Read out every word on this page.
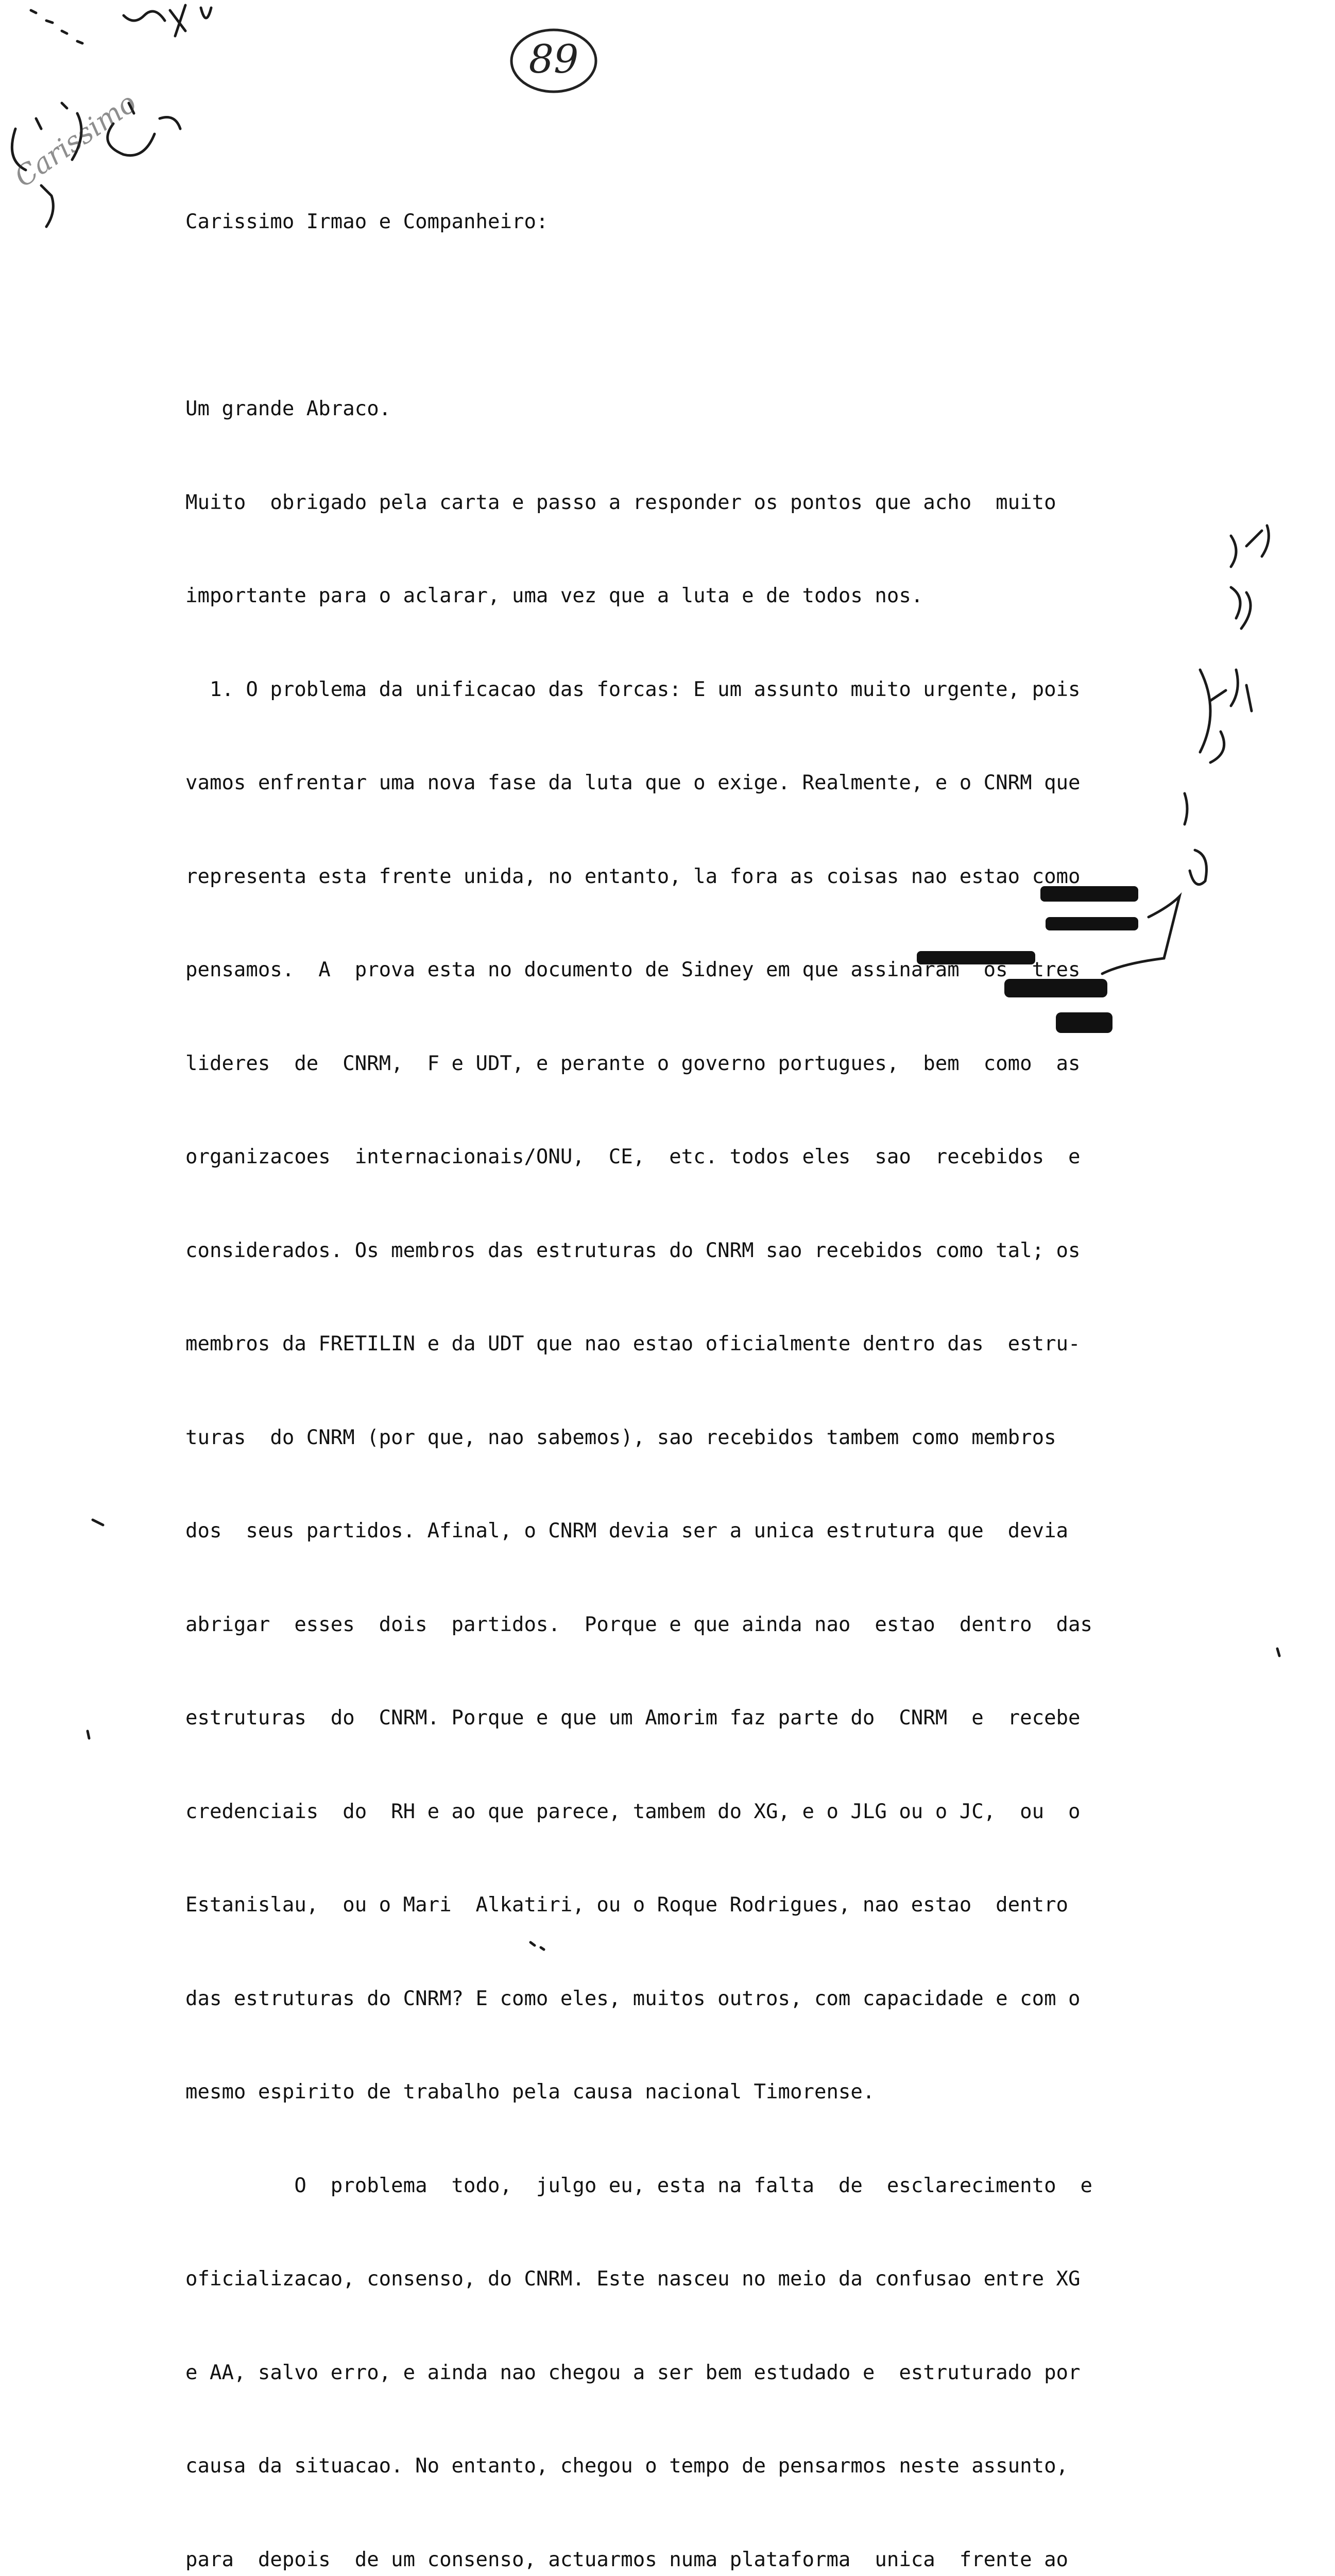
89

Carissimo Irmao e Companheiro:

Um grande Abraco.

Muito  obrigado pela carta e passo a responder os pontos que acho  muito

importante para o aclarar, uma vez que a luta e de todos nos.

1. O problema da unificacao das forcas: E um assunto muito urgente, pois

vamos enfrentar uma nova fase da luta que o exige. Realmente, e o CNRM que

representa esta frente unida, no entanto, la fora as coisas nao estao como

pensamos.  A  prova esta no documento de Sidney em que assinaram  os  tres

lideres  de  CNRM,  F e UDT, e perante o governo portugues,  bem  como  as

organizacoes  internacionais/ONU,  CE,  etc. todos eles  sao  recebidos  e

considerados. Os membros das estruturas do CNRM sao recebidos como tal; os

membros da FRETILIN e da UDT que nao estao oficialmente dentro das  estru-

turas  do CNRM (por que, nao sabemos), sao recebidos tambem como membros

dos  seus partidos. Afinal, o CNRM devia ser a unica estrutura que  devia

abrigar  esses  dois  partidos.  Porque e que ainda nao  estao  dentro  das

estruturas  do  CNRM. Porque e que um Amorim faz parte do  CNRM  e  recebe

credenciais  do  RH e ao que parece, tambem do XG, e o JLG ou o JC,  ou  o

Estanislau,  ou o Mari  Alkatiri, ou o Roque Rodrigues, nao estao  dentro

das estruturas do CNRM? E como eles, muitos outros, com capacidade e com o

mesmo espirito de trabalho pela causa nacional Timorense.

O  problema  todo,  julgo eu, esta na falta  de  esclarecimento  e

oficializacao, consenso, do CNRM. Este nasceu no meio da confusao entre XG

e AA, salvo erro, e ainda nao chegou a ser bem estudado e  estruturado por

causa da situacao. No entanto, chegou o tempo de pensarmos neste assunto,

para  depois  de um consenso, actuarmos numa plataforma  unica  frente ao

Carissimo
